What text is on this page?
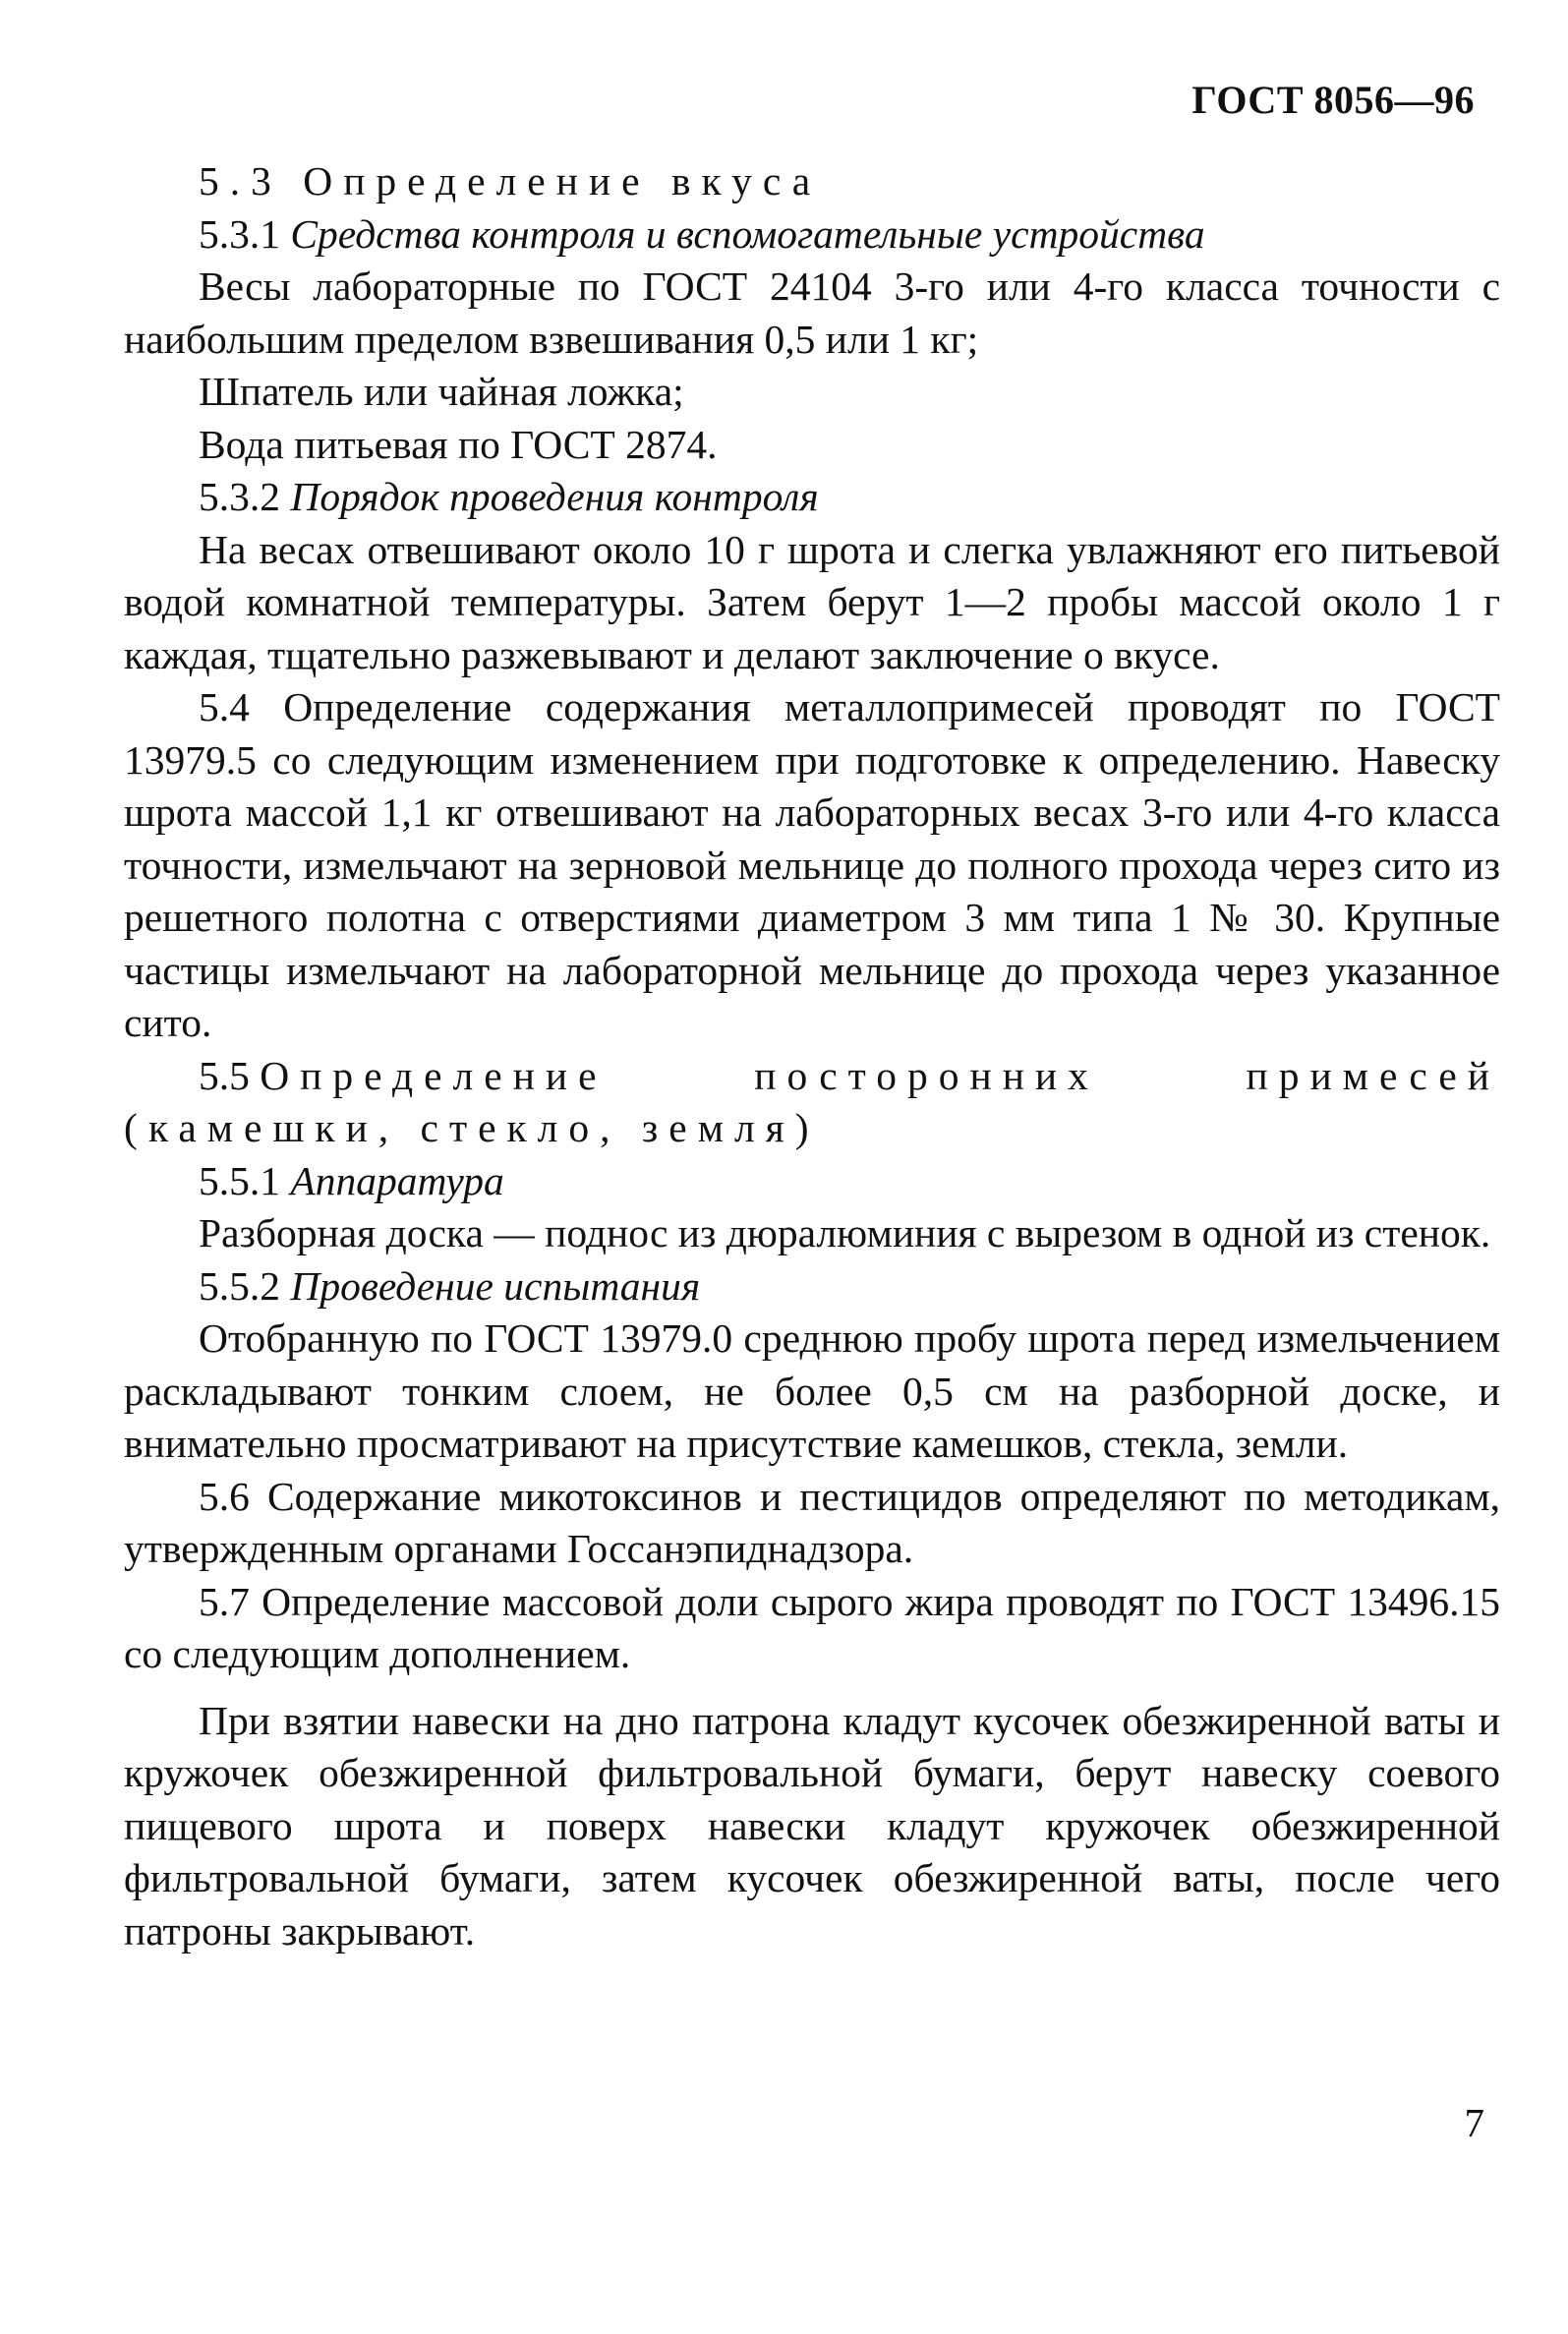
ГОСТ 8056—96

5.3 Определение вкуса

5.3.1 Средства контроля и вспомогательные устройства

Весы лабораторные по ГОСТ 24104 3-го или 4-го класса точности с наибольшим пределом взвешивания 0,5 или 1 кг;

Шпатель или чайная ложка;

Вода питьевая по ГОСТ 2874.

5.3.2 Порядок проведения контроля

На весах отвешивают около 10 г шрота и слегка увлажняют его питьевой водой комнатной температуры. Затем берут 1—2 пробы массой около 1 г каждая, тщательно разжевывают и делают заключение о вкусе.

5.4 Определение содержания металлопримесей проводят по ГОСТ 13979.5 со следующим изменением при подготовке к определению. Навеску шрота массой 1,1 кг отвешивают на лабораторных весах 3-го или 4-го класса точности, измельчают на зерновой мельнице до полного прохода через сито из решетного полотна с отверстиями диаметром 3 мм типа 1 № 30. Крупные частицы измельчают на лабораторной мельнице до прохода через указанное сито.

5.5 Определение	посторонних	примесей

(камешки, стекло, земля)

5.5.1 Аппаратура

Разборная доска — поднос из дюралюминия с вырезом в одной из стенок.

5.5.2 Проведение испытания

Отобранную по ГОСТ 13979.0 среднюю пробу шрота перед измельчением раскладывают тонким слоем, не более 0,5 см на разборной доске, и внимательно просматривают на присутствие камешков, стекла, земли.

5.6 Содержание микотоксинов и пестицидов определяют по методикам, утвержденным органами Госсанэпиднадзора.

5.7 Определение массовой доли сырого жира проводят по ГОСТ 13496.15 со следующим дополнением.

При взятии навески на дно патрона кладут кусочек обезжиренной ваты и кружочек обезжиренной фильтровальной бумаги, берут навеску соевого пищевого шрота и поверх навески кладут кружочек обезжиренной фильтровальной бумаги, затем кусочек обезжиренной ваты, после чего патроны закрывают.

7
